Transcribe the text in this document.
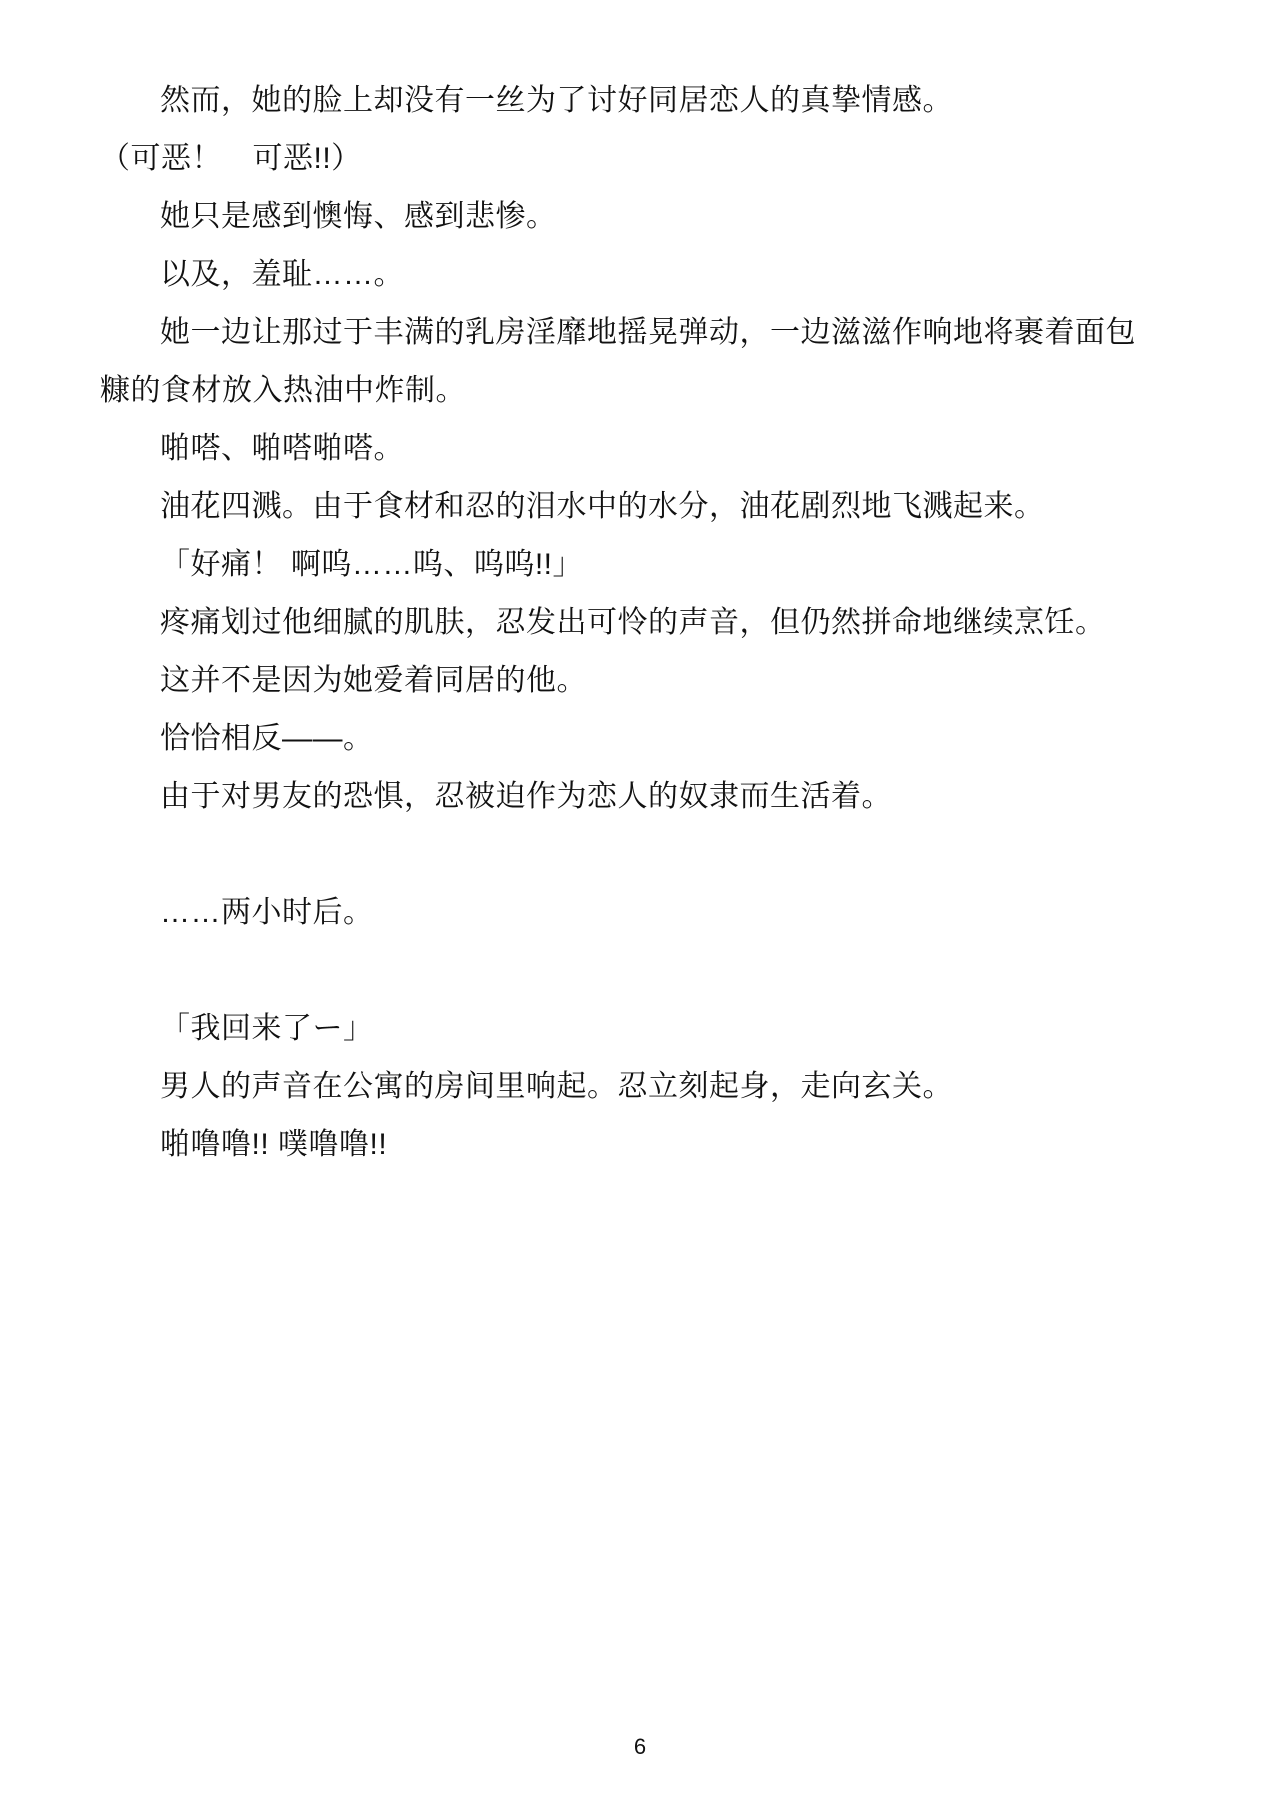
然而，她的脸上却没有一丝为了讨好同居恋人的真挚情感。

（可恶！　可恶!!）

她只是感到懊悔、感到悲惨。

以及，羞耻……。

她一边让那过于丰满的乳房淫靡地摇晃弹动，一边滋滋作响地将裹着面包糠的食材放入热油中炸制。

啪嗒、啪嗒啪嗒。

油花四溅。由于食材和忍的泪水中的水分，油花剧烈地飞溅起来。

「好痛！ 啊呜……呜、呜呜!!」

疼痛划过他细腻的肌肤，忍发出可怜的声音，但仍然拼命地继续烹饪。

这并不是因为她爱着同居的他。

恰恰相反——。

由于对男友的恐惧，忍被迫作为恋人的奴隶而生活着。

……两小时后。

「我回来了ー」

男人的声音在公寓的房间里响起。忍立刻起身，走向玄关。

啪噜噜!! 噗噜噜!!

6
